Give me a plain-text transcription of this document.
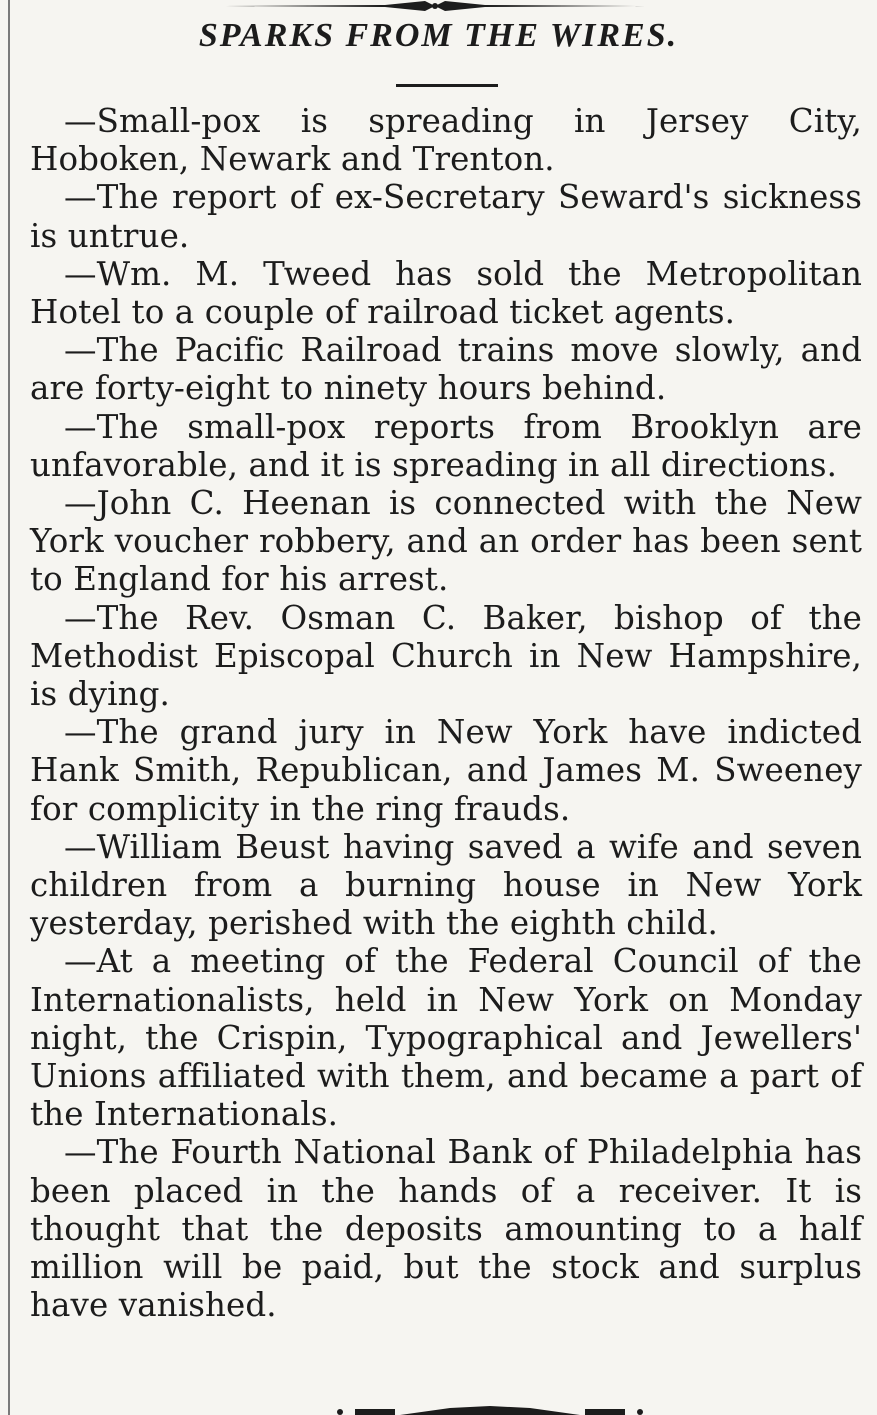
SPARKS FROM THE WIRES.

—Small-pox is spreading in Jersey City, Hoboken, Newark and Trenton.

—The report of ex-Secretary Seward's sickness is untrue.

—Wm. M. Tweed has sold the Metropolitan Hotel to a couple of railroad ticket agents.

—The Pacific Railroad trains move slowly, and are forty-eight to ninety hours behind.

—The small-pox reports from Brooklyn are unfavorable, and it is spreading in all directions.

—John C. Heenan is connected with the New York voucher robbery, and an order has been sent to England for his arrest.

—The Rev. Osman C. Baker, bishop of the Methodist Episcopal Church in New Hampshire, is dying.

—The grand jury in New York have indicted Hank Smith, Republican, and James M. Sweeney for complicity in the ring frauds.

—William Beust having saved a wife and seven children from a burning house in New York yesterday, perished with the eighth child.

—At a meeting of the Federal Council of the Internationalists, held in New York on Monday night, the Crispin, Typographical and Jewellers' Unions affiliated with them, and became a part of the Internationals.

—The Fourth National Bank of Philadelphia has been placed in the hands of a receiver. It is thought that the deposits amounting to a half million will be paid, but the stock and surplus have vanished.
